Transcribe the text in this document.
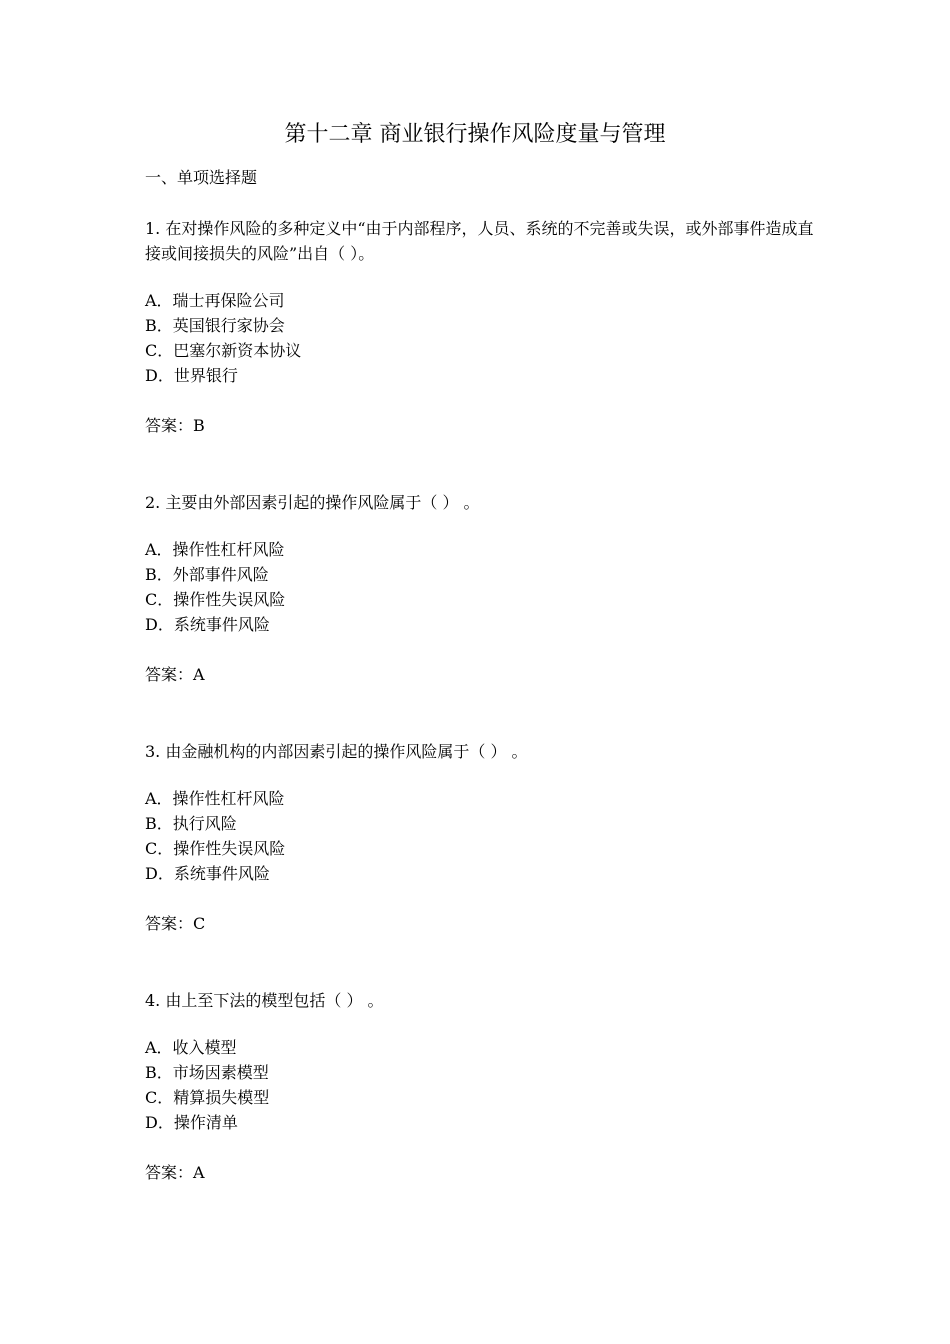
第十二章 商业银行操作风险度量与管理
一、单项选择题

1. 在对操作风险的多种定义中“由于内部程序，人员、系统的不完善或失误，或外部事件造成直接或间接损失的风险”出自（ ）。

A．瑞士再保险公司
B．英国银行家协会
C．巴塞尔新资本协议
D．世界银行
答案：B

2. 主要由外部因素引起的操作风险属于（ ） 。

A．操作性杠杆风险
B．外部事件风险
C．操作性失误风险
D．系统事件风险
答案：A

3. 由金融机构的内部因素引起的操作风险属于（ ） 。

A．操作性杠杆风险
B．执行风险
C．操作性失误风险
D．系统事件风险
答案：C

4. 由上至下法的模型包括（ ） 。

A．收入模型
B．市场因素模型
C．精算损失模型
D．操作清单
答案：A
